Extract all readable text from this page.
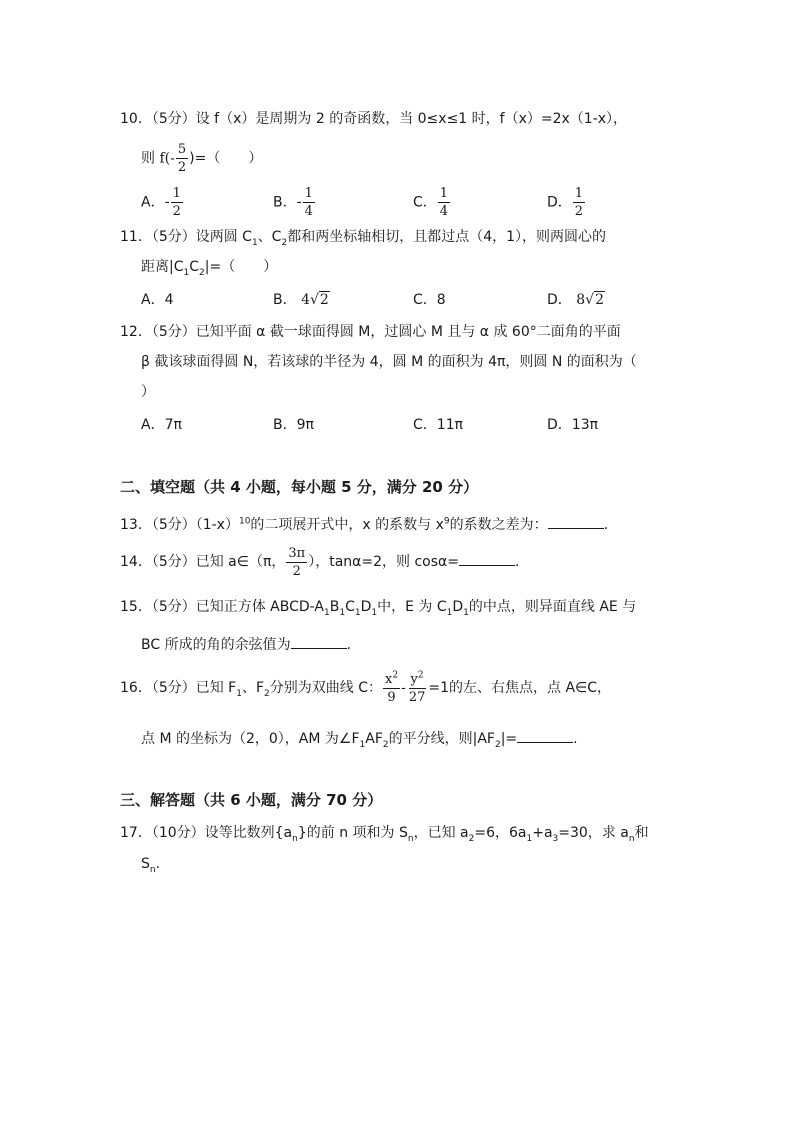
10．（5分）设 f（x）是周期为 2 的奇函数，当 0≤x≤1 时，f（x）=2x（1-x），
则 $f(- \frac{5}{2}$ )=（　　）
A．- $\frac{1}{2}$	B．- $\frac{1}{4}$	C． $\frac{1}{4}$	D． $\frac{1}{2}$
11．（5分）设两圆 $C_1$、$C_2$都和两坐标轴相切，且都过点（4，1），则两圆心的
距离$|C_1C_2|=$（　　）
A．4	B． 4√2	C．8	D． 8√2
12．（5分）已知平面 α 截一球面得圆 M，过圆心 M 且与 α 成 60°二面角的平面
β 截该球面得圆 N，若该球的半径为 4，圆 M 的面积为 4π，则圆 N 的面积为（
）
A．7π	B．9π	C．11π	D．13π
二、填空题（共 4 小题，每小题 5 分，满分 20 分）
13．（5分）$(1-x)^{10}$的二项展开式中，x 的系数与 $x^9$的系数之差为：	.
14．（5分）已知 a∈（π， $\frac{3\pi}{2}$ ），tanα=2，则 cosα=	.
15．（5分）已知正方体 ABCD-$A_1B_1C_1D_1$中，E 为 $C_1D_1$的中点，则异面直线 AE 与
BC 所成的角的余弦值为	.
16．（5分）已知 $F_1$、$F_2$分别为双曲线 C： $\frac{x^2}{9} - \frac{y^2}{27} =1$的左、右焦点，点 A∈C，
点 M 的坐标为（2，0），AM 为$\angle F_1AF_2$的平分线，则$|AF_2|=$	.
三、解答题（共 6 小题，满分 70 分）
17．（10分）设等比数列$\{a_n\}$的前 n 项和为 $S_n$，已知 $a_2=6$，$6a_1+a_3=30$，求 $a_n$和
$S_n$.
